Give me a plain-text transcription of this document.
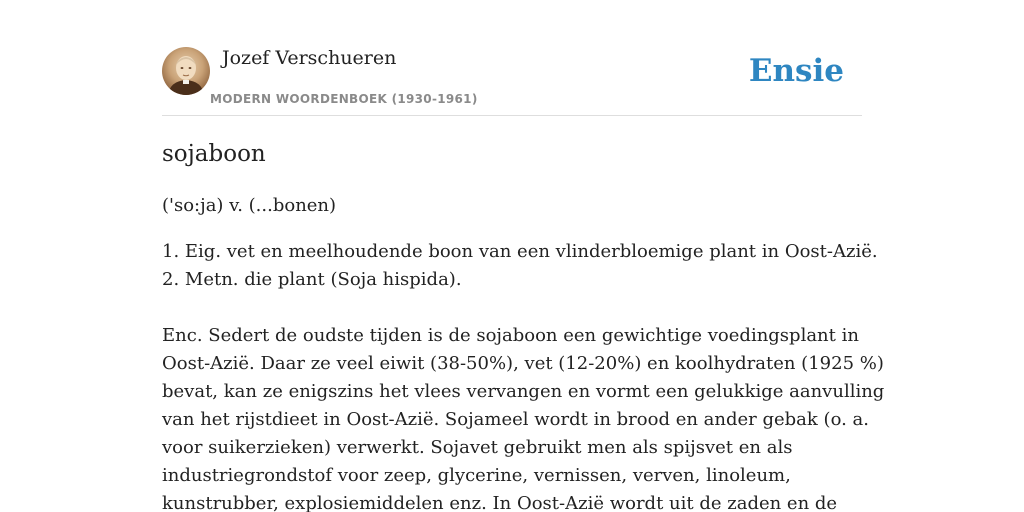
Jozef Verschueren
MODERN WOORDENBOEK (1930-1961)
Ensie
sojaboon

('so:ja) v. (...bonen)

1. Eig. vet en meelhoudende boon van een vlinderbloemige plant in Oost-Azië.

2. Metn. die plant (Soja hispida).

Enc. Sedert de oudste tijden is de sojaboon een gewichtige voedingsplant in

Oost-Azië. Daar ze veel eiwit (38-50%), vet (12-20%) en koolhydraten (1925 %)

bevat, kan ze enigszins het vlees vervangen en vormt een gelukkige aanvulling

van het rijstdieet in Oost-Azië. Sojameel wordt in brood en ander gebak (o. a.

voor suikerzieken) verwerkt. Sojavet gebruikt men als spijsvet en als

industriegrondstof voor zeep, glycerine, vernissen, verven, linoleum,

kunstrubber, explosiemiddelen enz. In Oost-Azië wordt uit de zaden en de
